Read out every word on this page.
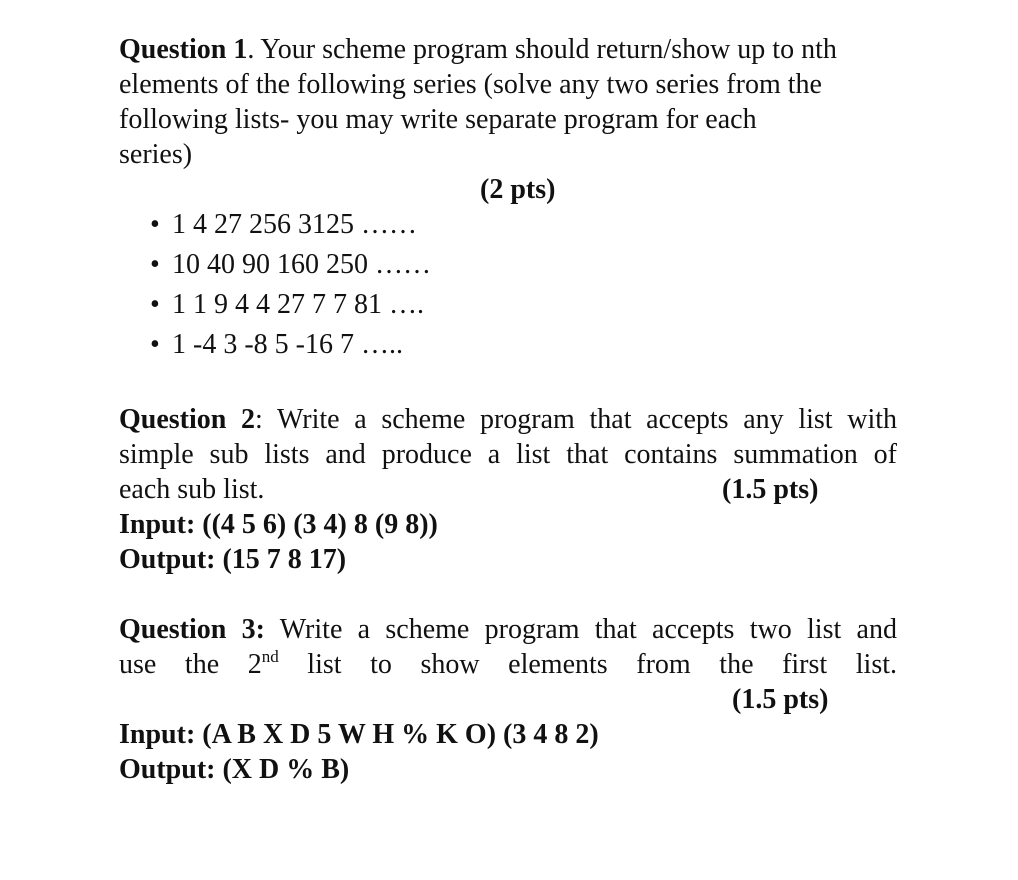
Question 1. Your scheme program should return/show up to nth
elements of the following series (solve any two series from the
following lists- you may write separate program for each
series)
(2 pts)
• 1 4 27 256 3125 ……
• 10 40 90 160 250 ……
• 1 1 9 4 4 27 7 7 81 ….
• 1 -4 3 -8 5 -16 7 …..
Question 2: Write a scheme program that accepts any list with
simple sub lists and produce a list that contains summation of
each sub list.	(1.5 pts)
Input: ((4 5 6) (3 4) 8 (9 8))
Output: (15 7 8 17)
Question 3: Write a scheme program that accepts two list and
use the 2nd list to show elements from the first list.
(1.5 pts)
Input: (A B X D 5 W H % K O) (3 4 8 2)
Output: (X D % B)
